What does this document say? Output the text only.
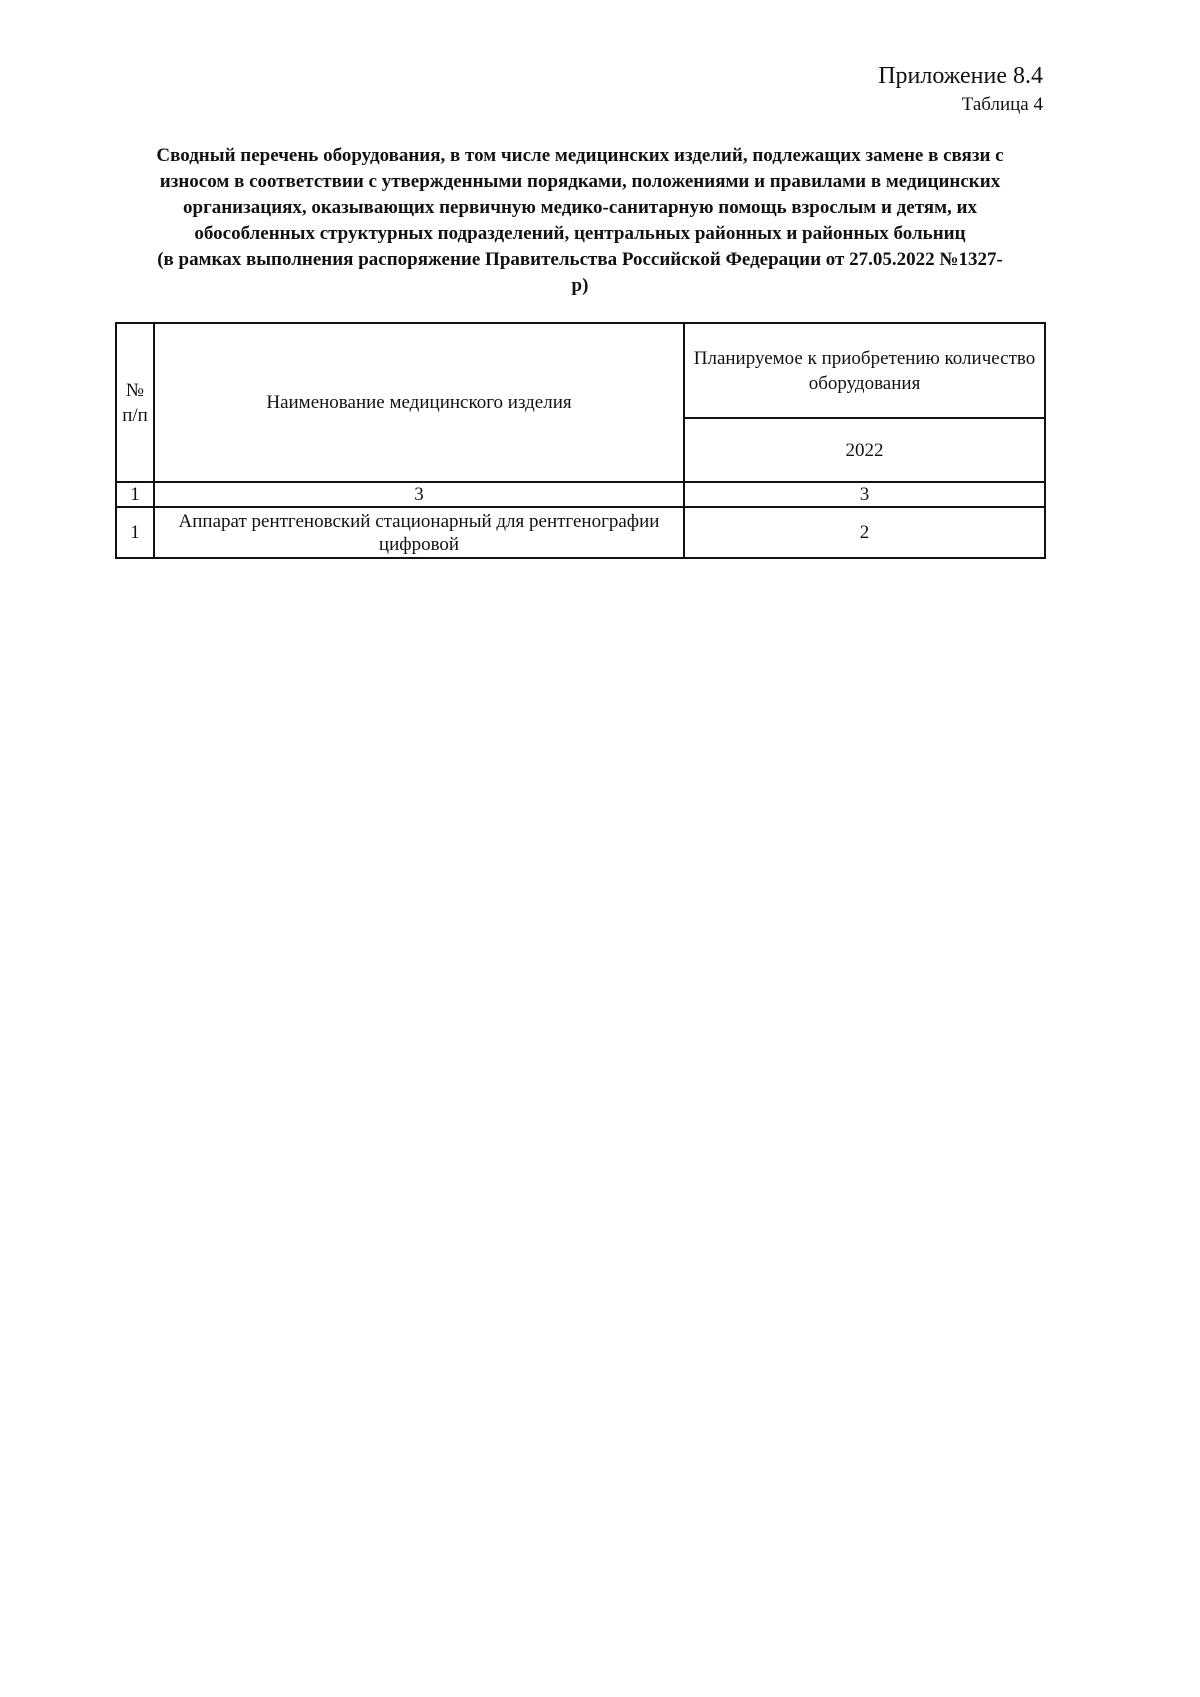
Приложение 8.4
Таблица 4
Сводный перечень оборудования, в том числе медицинских изделий, подлежащих замене в связи с
износом в соответствии с утвержденными порядками, положениями и правилами в медицинских
организациях, оказывающих первичную медико-санитарную помощь взрослым и детям, их
обособленных структурных подразделений, центральных районных и районных больниц
(в рамках выполнения распоряжение Правительства Российской Федерации от 27.05.2022 №1327-
р)
№ п/п	Наименование медицинского изделия	Планируемое к приобретению количество оборудования
		2022
1	3	3
1	Аппарат рентгеновский стационарный для рентгенографии цифровой	2
